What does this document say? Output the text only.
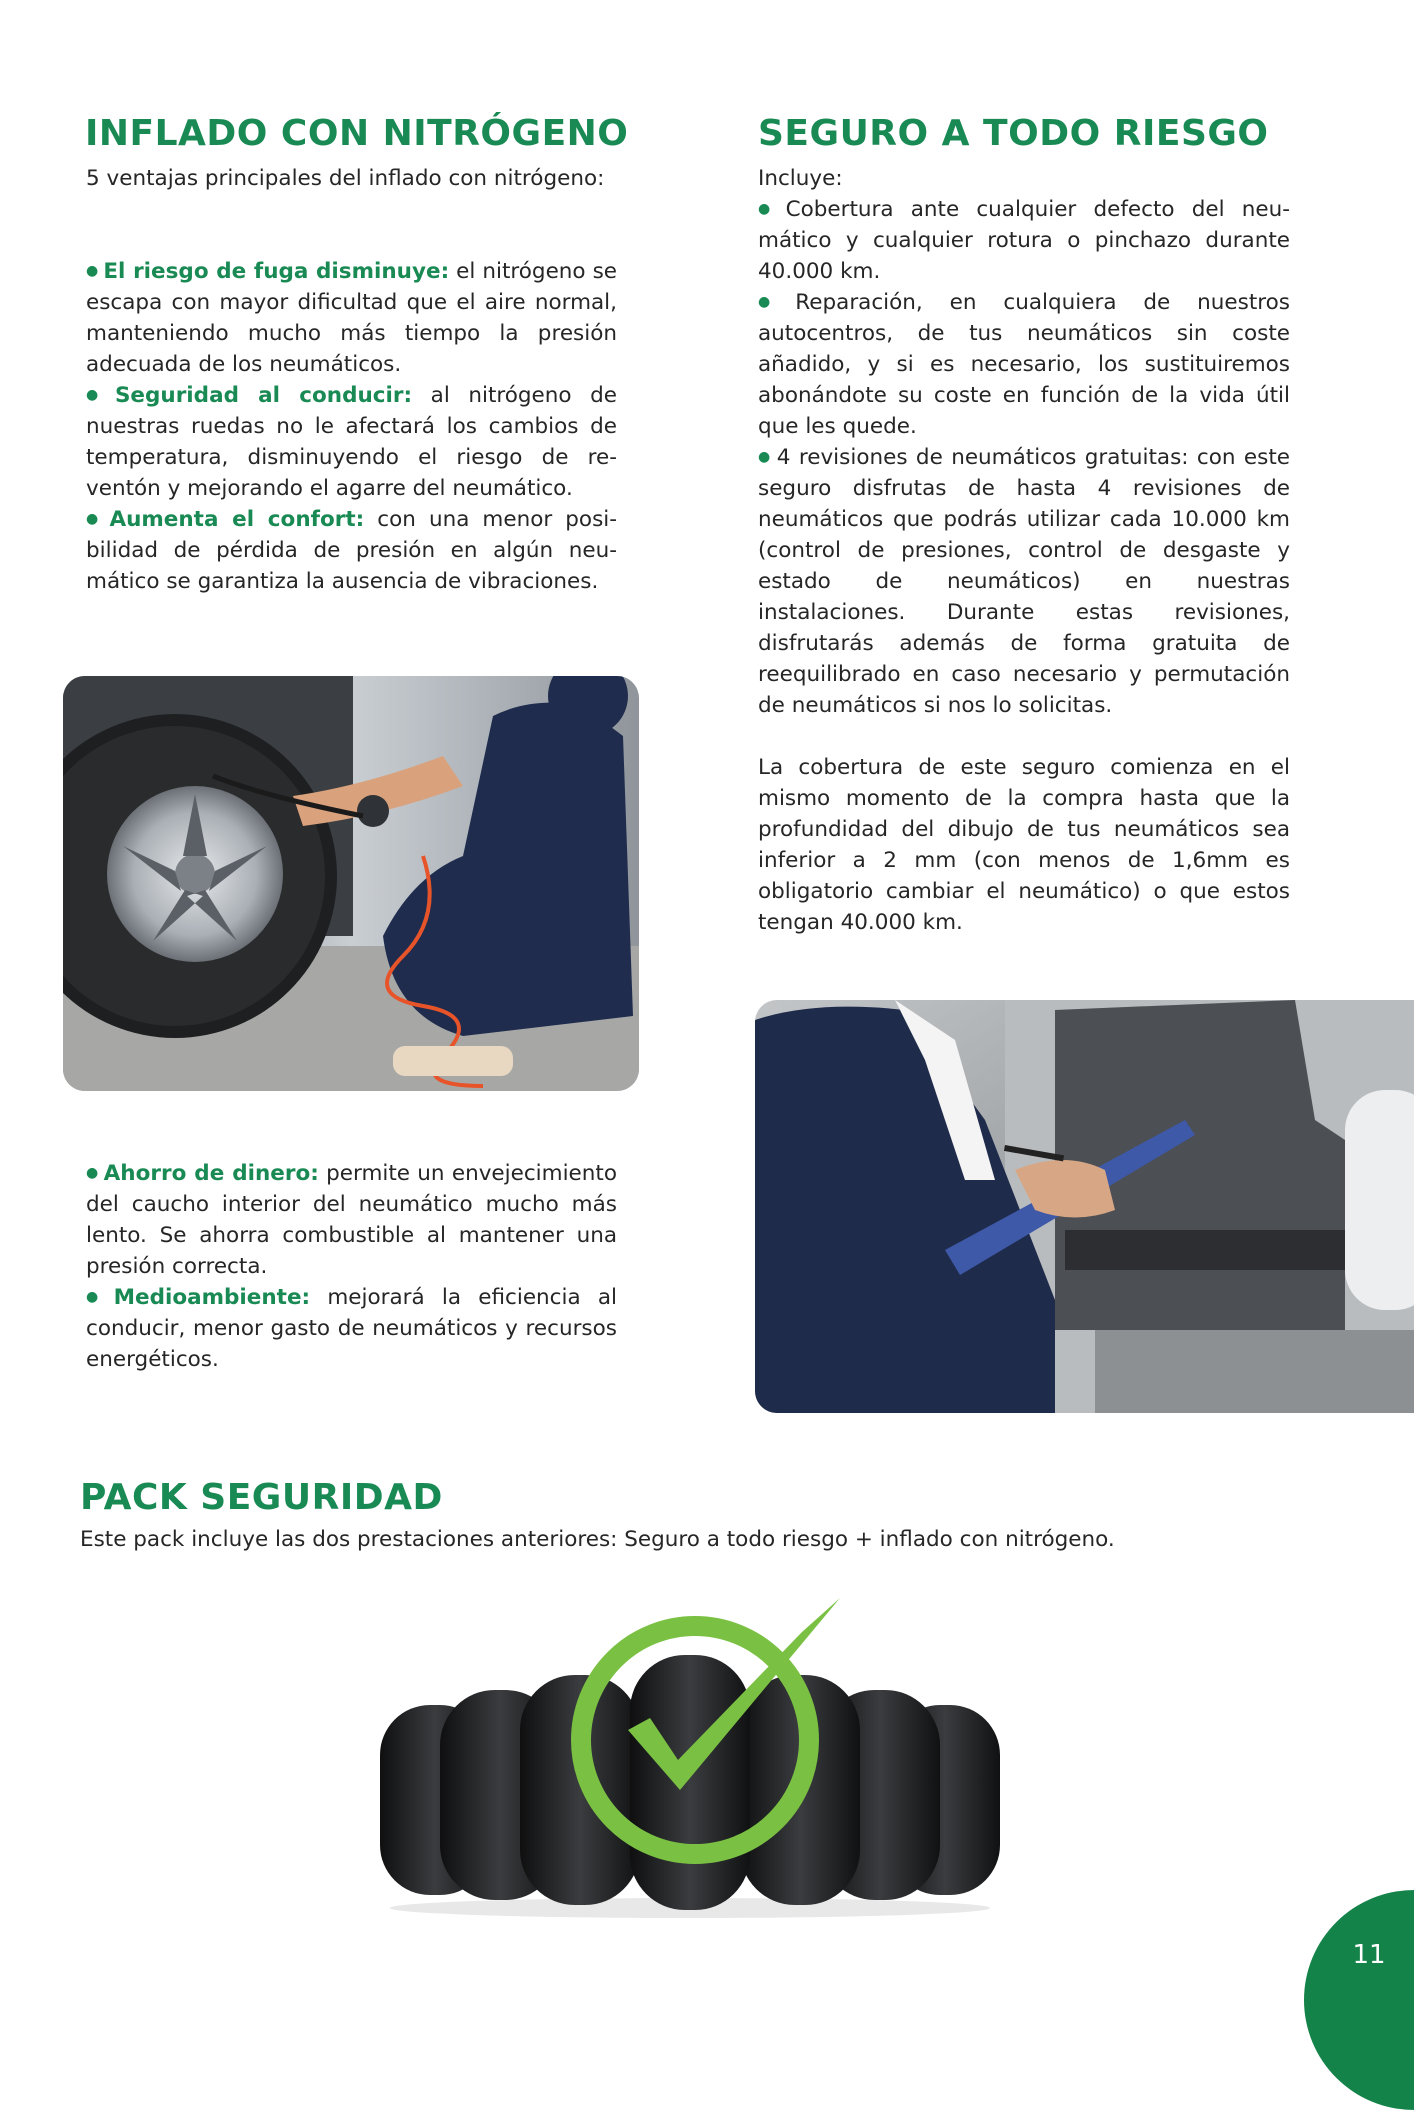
INFLADO CON NITRÓGENO

5 ventajas principales del inflado con nitrógeno:

● El riesgo de fuga disminuye: el nitrógeno se escapa con mayor dificultad que el aire normal, manteniendo mucho más tiempo la presión adecuada de los neumáticos.

● Seguridad al conducir: al nitrógeno de nuestras ruedas no le afectará los cambios de temperatura, disminuyendo el riesgo de reventón y mejorando el agarre del neumático.

● Aumenta el confort: con una menor posibilidad de pérdida de presión en algún neumático se garantiza la ausencia de vibraciones.

● Ahorro de dinero: permite un envejecimiento del caucho interior del neumático mucho más lento. Se ahorra combustible al mantener una presión correcta.

● Medioambiente: mejorará la eficiencia al conducir, menor gasto de neumáticos y recursos energéticos.

SEGURO A TODO RIESGO

Incluye:

● Cobertura ante cualquier defecto del neumático y cualquier rotura o pinchazo durante 40.000 km.

● Reparación, en cualquiera de nuestros autocentros, de tus neumáticos sin coste añadido, y si es necesario, los sustituiremos abonándote su coste en función de la vida útil que les quede.

● 4 revisiones de neumáticos gratuitas: con este seguro disfrutas de hasta 4 revisiones de neumáticos que podrás utilizar cada 10.000 km (control de presiones, control de desgaste y estado de neumáticos) en nuestras instalaciones. Durante estas revisiones, disfrutarás además de forma gratuita de reequilibrado en caso necesario y permutación de neumáticos si nos lo solicitas.

La cobertura de este seguro comienza en el mismo momento de la compra hasta que la profundidad del dibujo de tus neumáticos sea inferior a 2 mm (con menos de 1,6mm es obligatorio cambiar el neumático) o que estos tengan 40.000 km.

PACK SEGURIDAD
Este pack incluye las dos prestaciones anteriores: Seguro a todo riesgo + inflado con nitrógeno.
11
